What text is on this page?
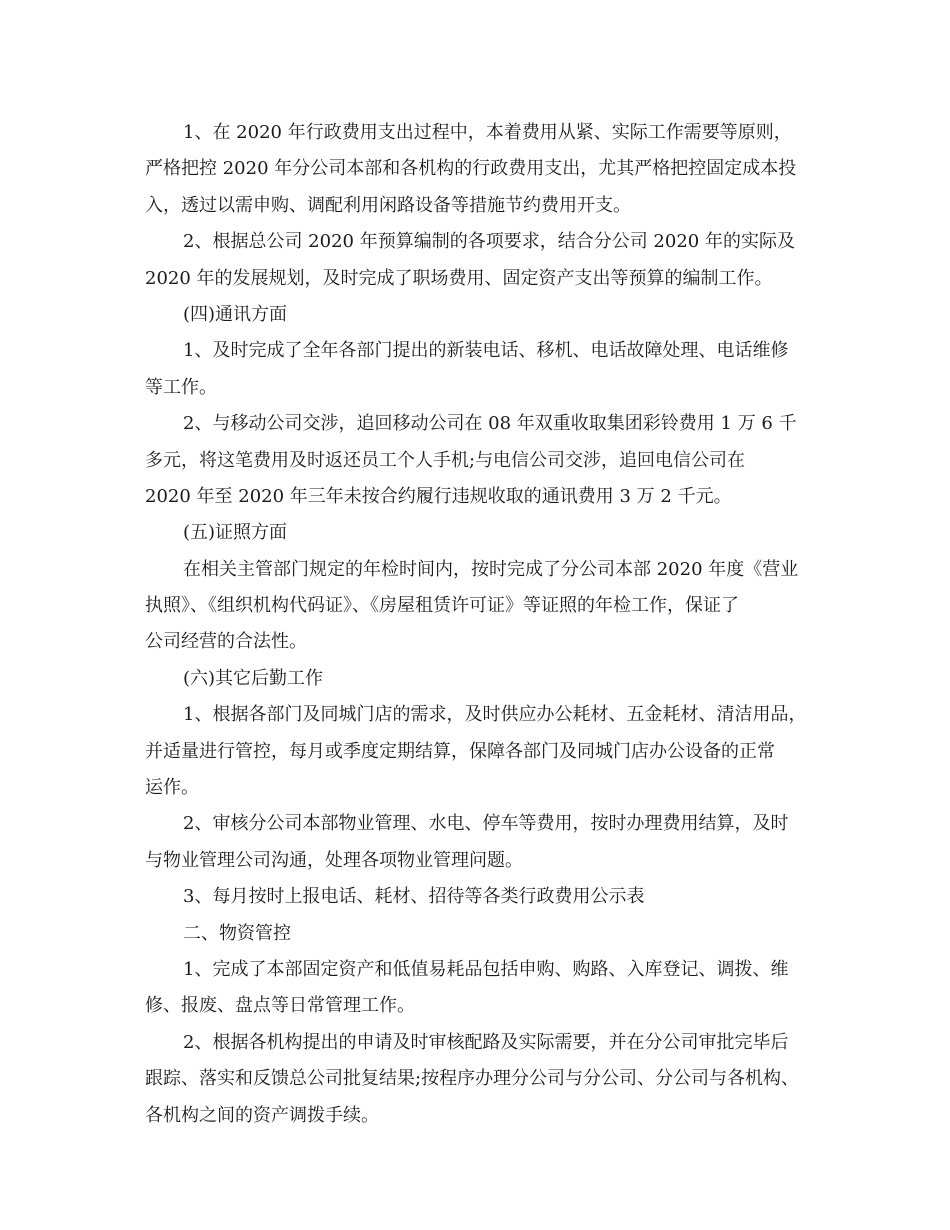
1、在 2020 年行政费用支出过程中，本着费用从紧、实际工作需要等原则，
严格把控 2020 年分公司本部和各机构的行政费用支出，尤其严格把控固定成本投
入，透过以需申购、调配利用闲路设备等措施节约费用开支。
2、根据总公司 2020 年预算编制的各项要求，结合分公司 2020 年的实际及
2020 年的发展规划，及时完成了职场费用、固定资产支出等预算的编制工作。
(四)通讯方面
1、及时完成了全年各部门提出的新装电话、移机、电话故障处理、电话维修
等工作。
2、与移动公司交涉，追回移动公司在 08 年双重收取集团彩铃费用 1 万 6 千
多元，将这笔费用及时返还员工个人手机;与电信公司交涉，追回电信公司在
2020 年至 2020 年三年未按合约履行违规收取的通讯费用 3 万 2 千元。
(五)证照方面
在相关主管部门规定的年检时间内，按时完成了分公司本部 2020 年度《营业
执照》、《组织机构代码证》、《房屋租赁许可证》等证照的年检工作，保证了
公司经营的合法性。
(六)其它后勤工作
1、根据各部门及同城门店的需求，及时供应办公耗材、五金耗材、清洁用品，
并适量进行管控，每月或季度定期结算，保障各部门及同城门店办公设备的正常
运作。
2、审核分公司本部物业管理、水电、停车等费用，按时办理费用结算，及时
与物业管理公司沟通，处理各项物业管理问题。
3、每月按时上报电话、耗材、招待等各类行政费用公示表
二、物资管控
1、完成了本部固定资产和低值易耗品包括申购、购路、入库登记、调拨、维
修、报废、盘点等日常管理工作。
2、根据各机构提出的申请及时审核配路及实际需要，并在分公司审批完毕后
跟踪、落实和反馈总公司批复结果;按程序办理分公司与分公司、分公司与各机构、
各机构之间的资产调拨手续。
